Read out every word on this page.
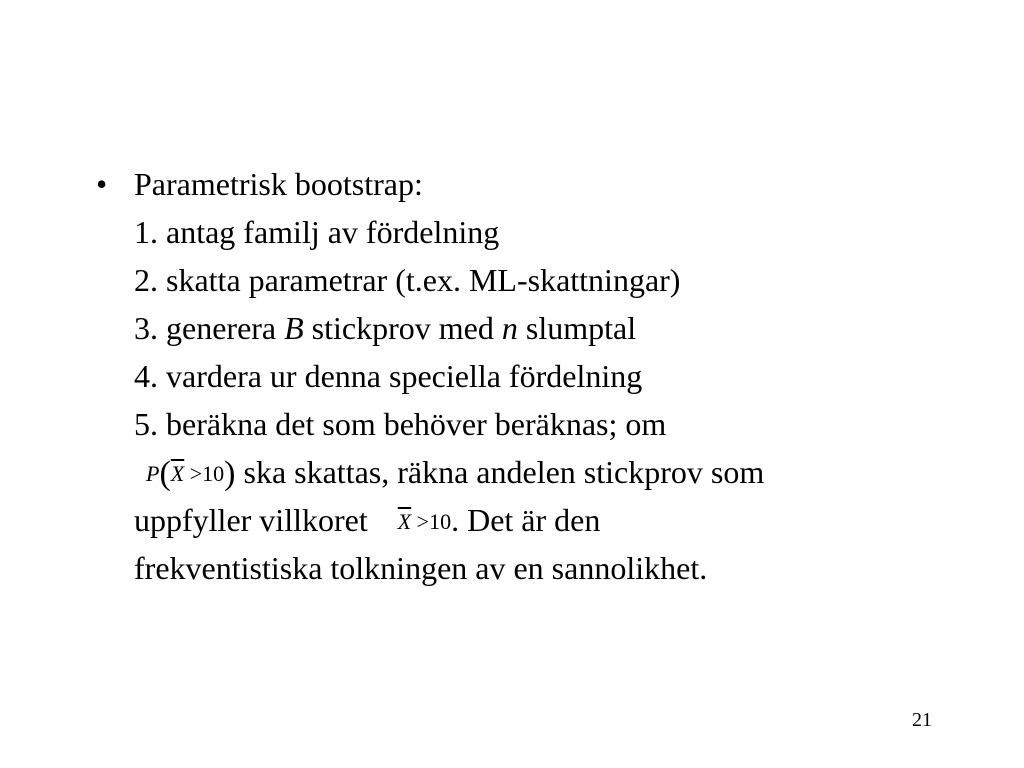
• Parametrisk bootstrap:
1. antag familj av fördelning
2. skatta parametrar (t.ex. ML-skattningar)
3. generera B stickprov med n slumptal
4. vardera ur denna speciella fördelning
5. beräkna det som behöver beräknas; om
$P(\overline{X} >10)$ ska skattas, räkna andelen stickprov som
uppfyller villkoret $\overline{X} >10$. Det är den
frekventistiska tolkningen av en sannolikhet.
21
